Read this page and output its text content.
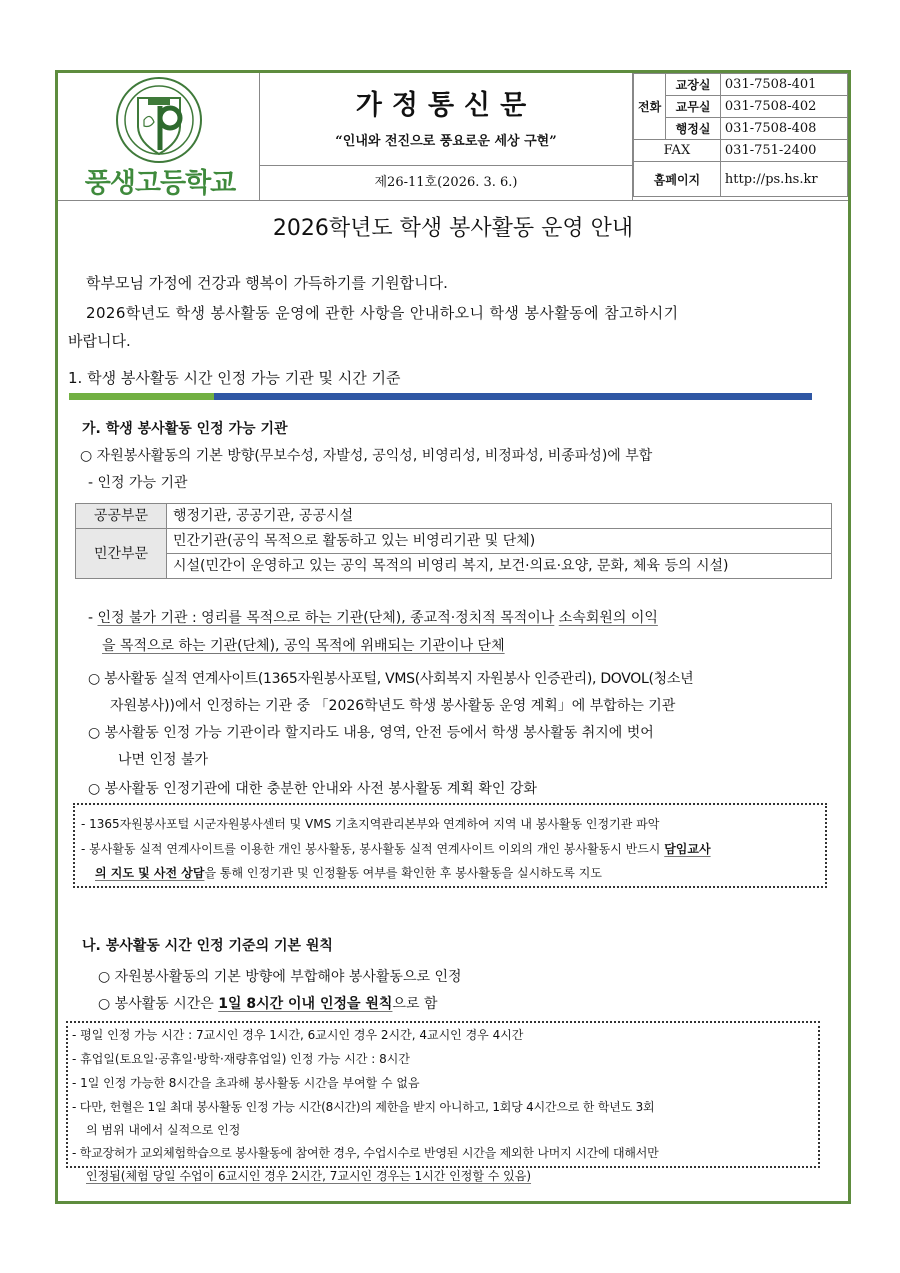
풍생고등학교
가정통신문
“인내와 전진으로 풍요로운 세상 구현”
제26-11호(2026. 3. 6.)
전화	교장실	031-7508-401
	교무실	031-7508-402
	행정실	031-7508-408
FAX		031-751-2400
홈페이지		http://ps.hs.kr
2026학년도 학생 봉사활동 운영 안내
학부모님 가정에 건강과 행복이 가득하기를 기원합니다.
2026학년도 학생 봉사활동 운영에 관한 사항을 안내하오니 학생 봉사활동에 참고하시기
바랍니다.
1. 학생 봉사활동 시간 인정 가능 기관 및 시간 기준
가. 학생 봉사활동 인정 가능 기관
○ 자원봉사활동의 기본 방향(무보수성, 자발성, 공익성, 비영리성, 비정파성, 비종파성)에 부합
- 인정 가능 기관
공공부문	행정기관, 공공기관, 공공시설
민간부문	민간기관(공익 목적으로 활동하고 있는 비영리기관 및 단체)
	시설(민간이 운영하고 있는 공익 목적의 비영리 복지, 보건·의료·요양, 문화, 체육 등의 시설)
- 인정 불가 기관 : 영리를 목적으로 하는 기관(단체), 종교적·정치적 목적이나 소속회원의 이익
을 목적으로 하는 기관(단체), 공익 목적에 위배되는 기관이나 단체
○ 봉사활동 실적 연계사이트(1365자원봉사포털, VMS(사회복지 자원봉사 인증관리), DOVOL(청소년
자원봉사))에서 인정하는 기관 중 「2026학년도 학생 봉사활동 운영 계획」에 부합하는 기관
○ 봉사활동 인정 가능 기관이라 할지라도 내용, 영역, 안전 등에서 학생 봉사활동 취지에 벗어
나면 인정 불가
○ 봉사활동 인정기관에 대한 충분한 안내와 사전 봉사활동 계획 확인 강화
- 1365자원봉사포털 시군자원봉사센터 및 VMS 기초지역관리본부와 연계하여 지역 내 봉사활동 인정기관 파악
- 봉사활동 실적 연계사이트를 이용한 개인 봉사활동, 봉사활동 실적 연계사이트 이외의 개인 봉사활동시 반드시 담임교사
의 지도 및 사전 상담을 통해 인정기관 및 인정활동 여부를 확인한 후 봉사활동을 실시하도록 지도
나. 봉사활동 시간 인정 기준의 기본 원칙
○ 자원봉사활동의 기본 방향에 부합해야 봉사활동으로 인정
○ 봉사활동 시간은 1일 8시간 이내 인정을 원칙으로 함
- 평일 인정 가능 시간 : 7교시인 경우 1시간, 6교시인 경우 2시간, 4교시인 경우 4시간
- 휴업일(토요일·공휴일·방학·재량휴업일) 인정 가능 시간 : 8시간
- 1일 인정 가능한 8시간을 초과해 봉사활동 시간을 부여할 수 없음
- 다만, 헌혈은 1일 최대 봉사활동 인정 가능 시간(8시간)의 제한을 받지 아니하고, 1회당 4시간으로 한 학년도 3회
의 범위 내에서 실적으로 인정
- 학교장허가 교외체험학습으로 봉사활동에 참여한 경우, 수업시수로 반영된 시간을 제외한 나머지 시간에 대해서만
인정됨(체험 당일 수업이 6교시인 경우 2시간, 7교시인 경우는 1시간 인정할 수 있음)
